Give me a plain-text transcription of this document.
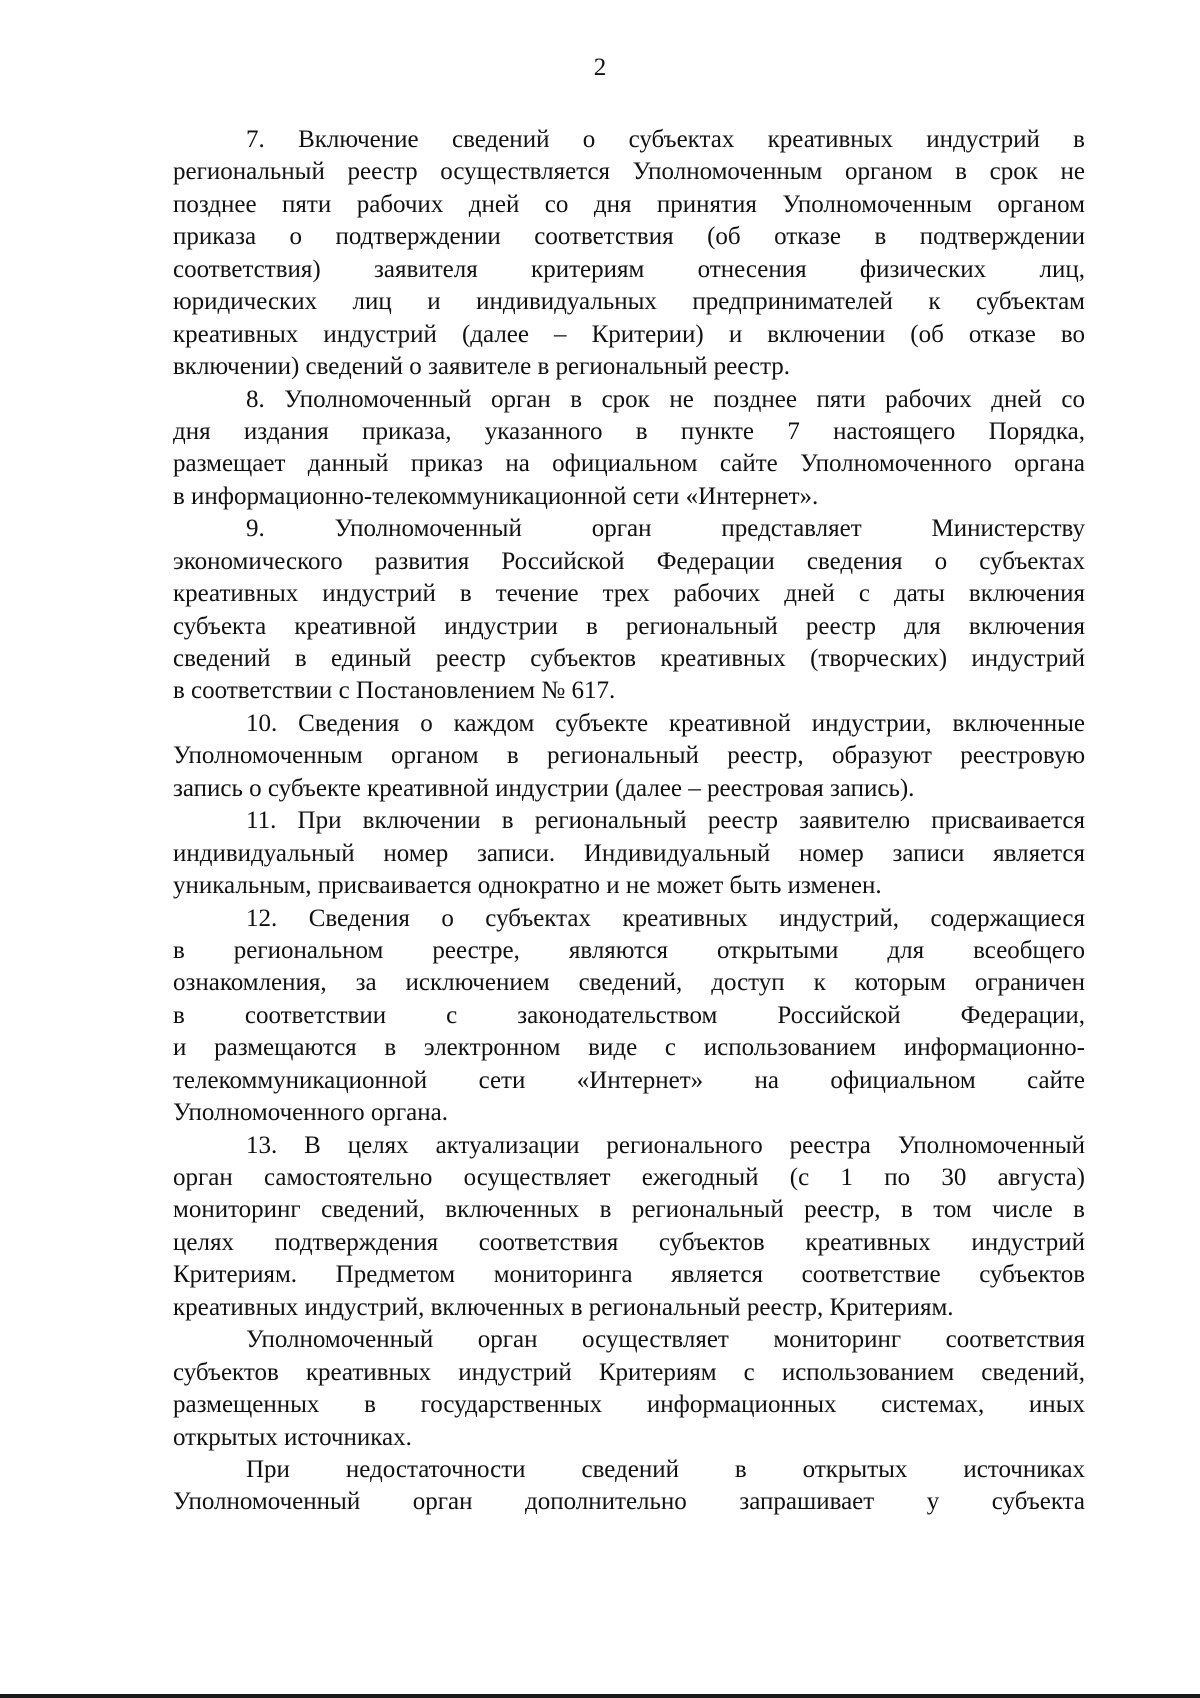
2
7. Включение сведений о субъектах креативных индустрий в
региональный реестр осуществляется Уполномоченным органом в срок не
позднее пяти рабочих дней со дня принятия Уполномоченным органом
приказа о подтверждении соответствия (об отказе в подтверждении
соответствия) заявителя критериям отнесения физических лиц,
юридических лиц и индивидуальных предпринимателей к субъектам
креативных индустрий (далее – Критерии) и включении (об отказе во
включении) сведений о заявителе в региональный реестр.
8. Уполномоченный орган в срок не позднее пяти рабочих дней со
дня издания приказа, указанного в пункте 7 настоящего Порядка,
размещает данный приказ на официальном сайте Уполномоченного органа
в информационно-телекоммуникационной сети «Интернет».
9. Уполномоченный орган представляет Министерству
экономического развития Российской Федерации сведения о субъектах
креативных индустрий в течение трех рабочих дней с даты включения
субъекта креативной индустрии в региональный реестр для включения
сведений в единый реестр субъектов креативных (творческих) индустрий
в соответствии с Постановлением № 617.
10. Сведения о каждом субъекте креативной индустрии, включенные
Уполномоченным органом в региональный реестр, образуют реестровую
запись о субъекте креативной индустрии (далее – реестровая запись).
11. При включении в региональный реестр заявителю присваивается
индивидуальный номер записи. Индивидуальный номер записи является
уникальным, присваивается однократно и не может быть изменен.
12. Сведения о субъектах креативных индустрий, содержащиеся
в региональном реестре, являются открытыми для всеобщего
ознакомления, за исключением сведений, доступ к которым ограничен
в соответствии с законодательством Российской Федерации,
и размещаются в электронном виде с использованием информационно-
телекоммуникационной сети «Интернет» на официальном сайте
Уполномоченного органа.
13. В целях актуализации регионального реестра Уполномоченный
орган самостоятельно осуществляет ежегодный (с 1 по 30 августа)
мониторинг сведений, включенных в региональный реестр, в том числе в
целях подтверждения соответствия субъектов креативных индустрий
Критериям. Предметом мониторинга является соответствие субъектов
креативных индустрий, включенных в региональный реестр, Критериям.
Уполномоченный орган осуществляет мониторинг соответствия
субъектов креативных индустрий Критериям с использованием сведений,
размещенных в государственных информационных системах, иных
открытых источниках.
При недостаточности сведений в открытых источниках
Уполномоченный орган дополнительно запрашивает у субъекта
